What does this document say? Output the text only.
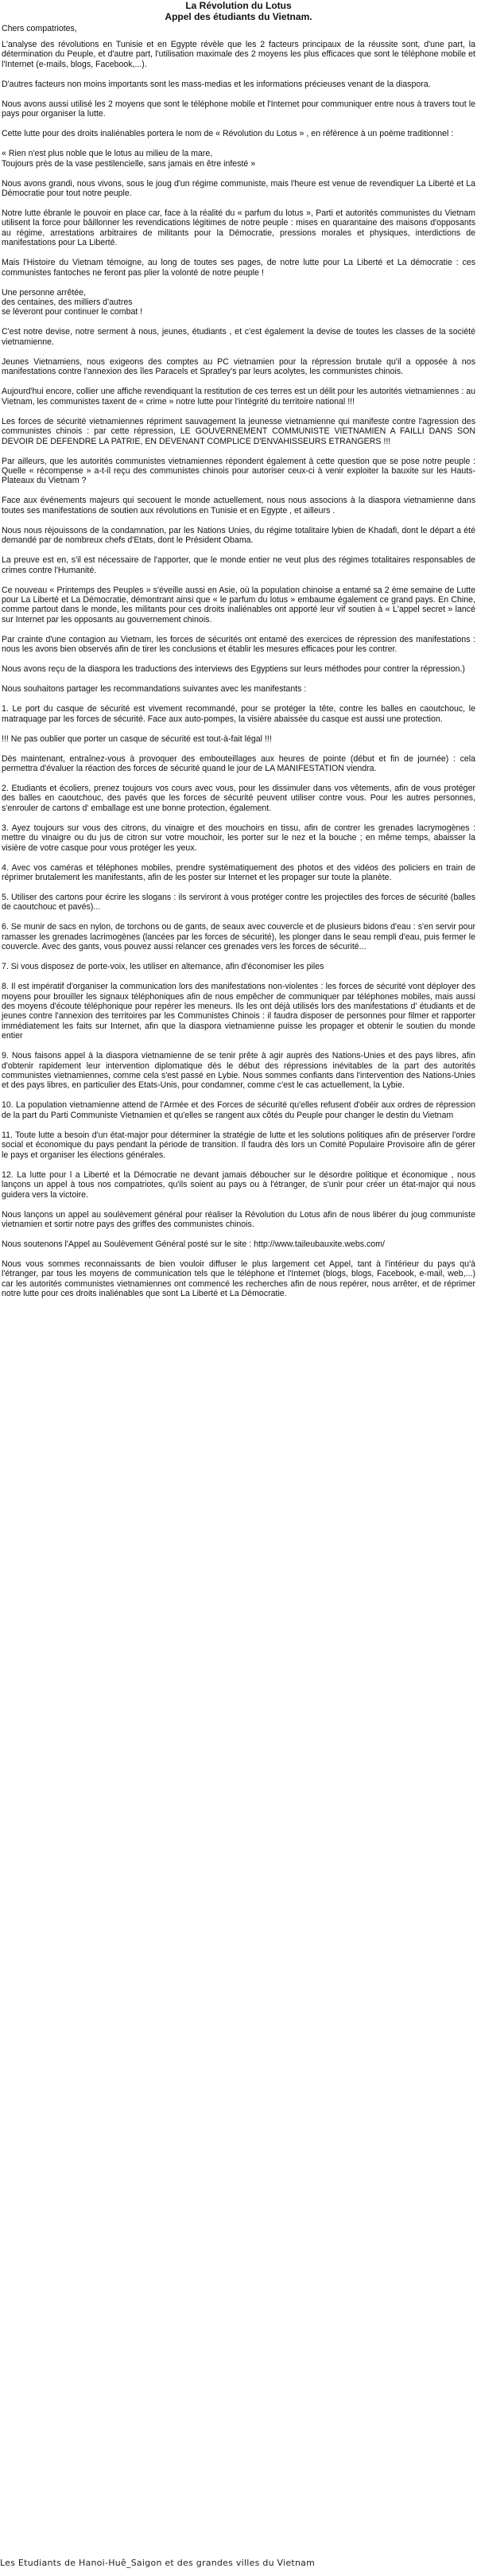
La Révolution du Lotus
Appel des étudiants du Vietnam.
Chers compatriotes,

L'analyse des révolutions en Tunisie et en Egypte révèle que les 2 facteurs principaux de la réussite sont, d'une part, la détermination du Peuple, et d'autre part, l'utilisation maximale des 2 moyens les plus efficaces que sont le téléphone mobile et l'Internet (e-mails, blogs, Facebook,...).

D'autres facteurs non moins importants sont les mass-medias et les informations précieuses venant de la diaspora.

Nous avons aussi utilisé les 2 moyens que sont le téléphone mobile et l'Internet pour communiquer entre nous à travers tout le pays pour organiser la lutte.

Cette lutte pour des droits inaliénables portera le nom de « Révolution du Lotus » , en référence à un poème traditionnel :

« Rien n'est plus noble que le lotus au milieu de la mare,
Toujours près de la vase pestilencielle, sans jamais en être infesté »

Nous avons grandi, nous vivons, sous le joug d'un régime communiste, mais l'heure est venue de revendiquer La Liberté et La Démocratie pour tout notre peuple.

Notre lutte ébranle le pouvoir en place car, face à la réalité du « parfum du lotus », Parti et autorités communistes du Vietnam utilisent la force pour bâillonner les revendications légitimes de notre peuple : mises en quarantaine des maisons d'opposants au régime, arrestations arbitraires de militants pour la Démocratie, pressions morales et physiques, interdictions de manifestations pour La Liberté.

Mais l'Histoire du Vietnam témoigne, au long de toutes ses pages, de notre lutte pour La Liberté et La démocratie : ces communistes fantoches ne feront pas plier la volonté de notre peuple !

Une personne arrêtée,
des centaines, des milliers d'autres
se lèveront pour continuer le combat !

C'est notre devise, notre serment à nous, jeunes, étudiants , et c'est également la devise de toutes les classes de la société vietnamienne.

Jeunes Vietnamiens, nous exigeons des comptes au PC vietnamien pour la répression brutale qu'il a opposée à nos manifestations contre l'annexion des îles Paracels et Spratley's par leurs acolytes, les communistes chinois.

Aujourd'hui encore, collier une affiche revendiquant la restitution de ces terres est un délit pour les autorités vietnamiennes : au Vietnam, les communistes taxent de « crime » notre lutte pour l'intégrité du territoire national !!!

Les forces de sécurité vietnamiennes répriment sauvagement la jeunesse vietnamienne qui manifeste contre l'agression des communistes chinois : par cette répression, LE GOUVERNEMENT COMMUNISTE VIETNAMIEN A FAILLI DANS SON DEVOIR DE DEFENDRE LA PATRIE, EN DEVENANT COMPLICE D'ENVAHISSEURS ETRANGERS !!!

Par ailleurs, que les autorités communistes vietnamiennes répondent également à cette question que se pose notre peuple : Quelle « récompense » a-t-il reçu des communistes chinois pour autoriser ceux-ci à venir exploiter la bauxite sur les Hauts-Plateaux du Vietnam ?

Face aux événements majeurs qui secouent le monde actuellement, nous nous associons à la diaspora vietnamienne dans toutes ses manifestations de soutien aux révolutions en Tunisie et en Egypte , et ailleurs .

Nous nous réjouissons de la condamnation, par les Nations Unies, du régime totalitaire lybien de Khadafi, dont le départ a été demandé par de nombreux chefs d'Etats, dont le Président Obama.

La preuve est en, s'il est nécessaire de l'apporter, que le monde entier ne veut plus des régimes totalitaires responsables de crimes contre l'Humanité.

Ce nouveau « Printemps des Peuples » s'éveille aussi en Asie, où la population chinoise a entamé sa 2 ème semaine de Lutte pour La Liberté et La Démocratie, démontrant ainsi que « le parfum du lotus » embaume également ce grand pays. En Chine, comme partout dans le monde, les militants pour ces droits inaliénables ont apporté leur vif soutien à « L'appel secret » lancé sur Internet par les opposants au gouvernement chinois.

Par crainte d'une contagion au Vietnam, les forces de sécurités ont entamé des exercices de répression des manifestations : nous les avons bien observés afin de tirer les conclusions et établir les mesures efficaces pour les contrer.

Nous avons reçu de la diaspora les traductions des interviews des Egyptiens sur leurs méthodes pour contrer la répression.)

Nous souhaitons partager les recommandations suivantes avec les manifestants :

1. Le port du casque de sécurité est vivement recommandé, pour se protéger la tête, contre les balles en caoutchouc, le matraquage par les forces de sécurité. Face aux auto-pompes, la visière abaissée du casque est aussi une protection.

!!! Ne pas oublier que porter un casque de sécurité est tout-à-fait légal !!!

Dès maintenant, entraînez-vous à provoquer des embouteillages aux heures de pointe (début et fin de journée) : cela permettra d'évaluer la réaction des forces de sécurité quand le jour de LA MANIFESTATION viendra.

2. Etudiants et écoliers, prenez toujours vos cours avec vous, pour les dissimuler dans vos vêtements, afin de vous protéger des balles en caoutchouc, des pavés que les forces de sécurité peuvent utiliser contre vous. Pour les autres personnes, s'enrouler de cartons d' emballage est une bonne protection, également.

3. Ayez toujours sur vous des citrons, du vinaigre et des mouchoirs en tissu, afin de contrer les grenades lacrymogènes : mettre du vinaigre ou du jus de citron sur votre mouchoir, les porter sur le nez et la bouche ; en même temps, abaisser la visière de votre casque pour vous protéger les yeux.

4. Avec vos caméras et téléphones mobiles, prendre systématiquement des photos et des vidéos des policiers en train de réprimer brutalement les manifestants, afin de les poster sur Internet et les propager sur toute la planète.

5. Utiliser des cartons pour écrire les slogans : ils serviront à vous protéger contre les projectiles des forces de sécurité (balles de caoutchouc et pavés)...

6. Se munir de sacs en nylon, de torchons ou de gants, de seaux avec couvercle et de plusieurs bidons d'eau : s'en servir pour ramasser les grenades lacrimogènes (lancées par les forces de sécurité), les plonger dans le seau rempli d'eau, puis fermer le couvercle. Avec des gants, vous pouvez aussi relancer ces grenades vers les forces de sécurité...

7. Si vous disposez de porte-voix, les utiliser en alternance, afin d'économiser les piles

8. Il est impératif d'organiser la communication lors des manifestations non-violentes : les forces de sécurité vont déployer des moyens pour brouiller les signaux téléphoniques afin de nous empêcher de communiquer par téléphones mobiles, mais aussi des moyens d'écoute téléphonique pour repérer les meneurs. Ils les ont déjà utilisés lors des manifestations d' étudiants et de jeunes contre l'annexion des territoires par les Communistes Chinois : il faudra disposer de personnes pour filmer et rapporter immédiatement les faits sur Internet, afin que la diaspora vietnamienne puisse les propager et obtenir le soutien du monde entier

9. Nous faisons appel à la diaspora vietnamienne de se tenir prête à agir auprès des Nations-Unies et des pays libres, afin d'obtenir rapidement leur intervention diplomatique dès le début des répressions inévitables de la part des autorités communistes vietnamiennes, comme cela s'est passé en Lybie. Nous sommes confiants dans l'intervention des Nations-Unies et des pays libres, en particulier des Etats-Unis, pour condamner, comme c'est le cas actuellement, la Lybie.

10. La population vietnamienne attend de l'Armée et des Forces de sécurité qu'elles refusent d'obéir aux ordres de répression de la part du Parti Communiste Vietnamien et qu'elles se rangent aux côtés du Peuple pour changer le destin du Vietnam

11. Toute lutte a besoin d'un état-major pour déterminer la stratégie de lutte et les solutions politiques afin de préserver l'ordre social et économique du pays pendant la période de transition. Il faudra dès lors un Comité Populaire Provisoire afin de gérer le pays et organiser les élections générales.

12. La lutte pour l a Liberté et la Démocratie ne devant jamais déboucher sur le désordre politique et économique , nous lançons un appel à tous nos compatriotes, qu'ils soient au pays ou à l'étranger, de s'unir pour créer un état-major qui nous guidera vers la victoire.

Nous lançons un appel au soulèvement général pour réaliser la Révolution du Lotus afin de nous libérer du joug communiste vietnamien et sortir notre pays des griffes des communistes chinois.

Nous soutenons l'Appel au Soulèvement Général posté sur le site : http://www.taileubauxite.webs.com/

Nous vous sommes reconnaissants de bien vouloir diffuser le plus largement cet Appel, tant à l'intérieur du pays qu'à l'étranger, par tous les moyens de communication tels que le téléphone et l'Internet (blogs, blogs, Facebook, e-mail, web,...) car les autorités communistes vietnamiennes ont commencé les recherches afin de nous repérer, nous arrêter, et de réprimer notre lutte pour ces droits inaliénables que sont La Liberté et La Démocratie.

Les Etudiants de Hanoi-Huê_Saigon et des grandes villes du Vietnam
